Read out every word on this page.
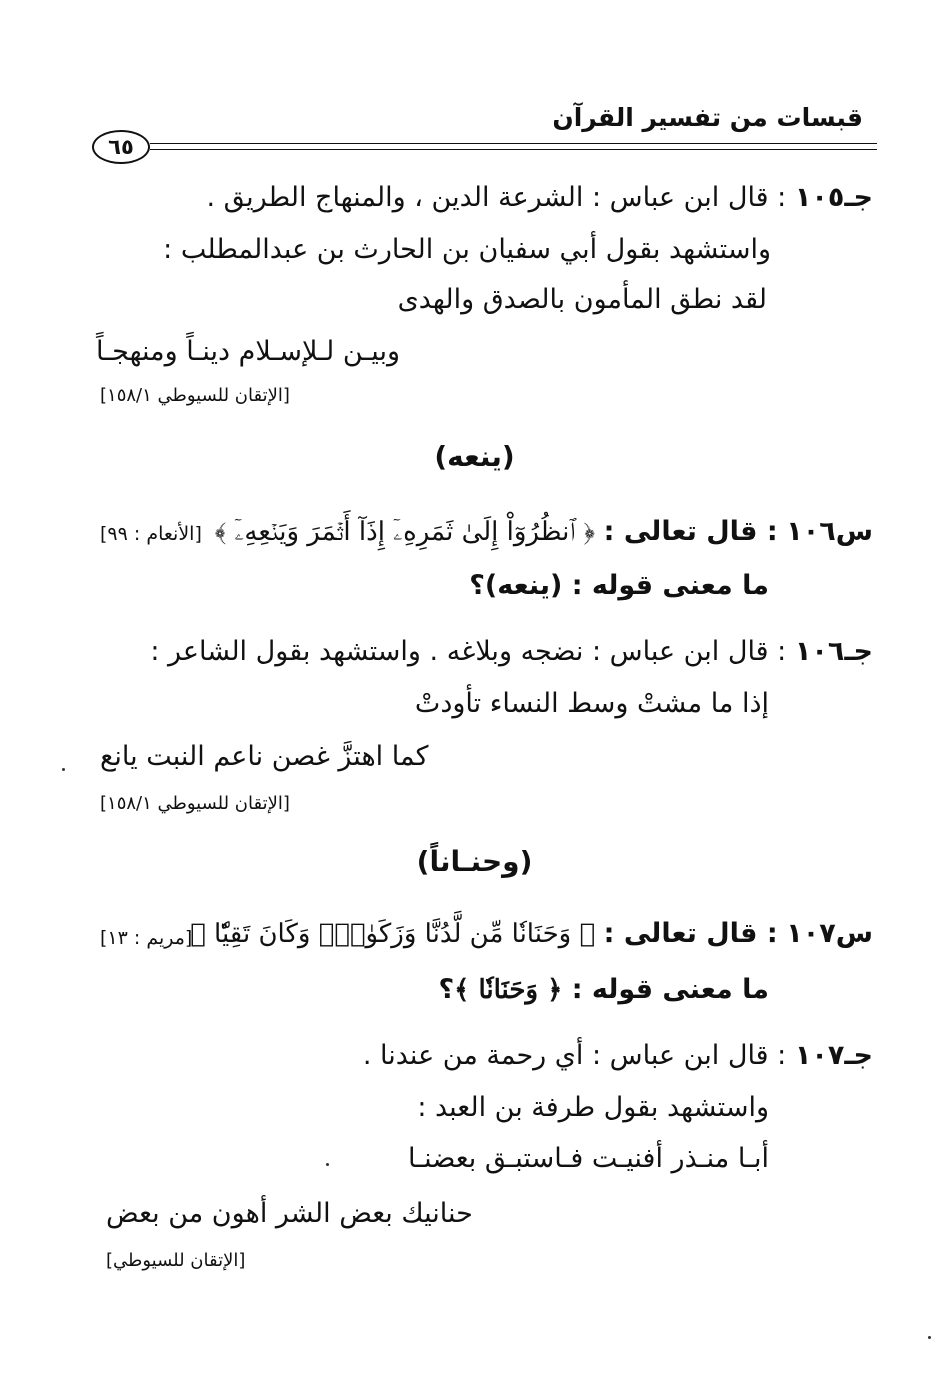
قبسات من تفسير القرآن
٦٥
جـ١٠٥ : قال ابن عباس : الشرعة الدين ، والمنهاج الطريق .
واستشهد بقول أبي سفيان بن الحارث بن عبدالمطلب :
لقد نطق المأمون بالصدق والهدى
وبيـن لـلإسـلام دينـاً ومنهجـاً
[الإتقان للسيوطي ١٥٨/١]
(ينعه)
س١٠٦ : قال تعالى : ﴿ ٱنظُرُوٓاْ إِلَىٰ ثَمَرِهِۦٓ إِذَآ أَثۡمَرَ وَيَنۡعِهِۦٓ ﴾
[الأنعام : ٩٩]
ما معنى قوله : (ينعه)؟
جـ١٠٦ : قال ابن عباس : نضجه وبلاغه . واستشهد بقول الشاعر :
إذا ما مشتْ وسط النساء تأودتْ
كما اهتزَّ غصن ناعم النبت يانع
[الإتقان للسيوطي ١٥٨/١]
(وحنـاناً)
س١٠٧ : قال تعالى : ﴿ وَحَنَانٗا مِّن لَّدُنَّا وَزَكَوٰةٗۖ وَكَانَ تَقِيّٗا ﴾
[مريم : ١٣]
ما معنى قوله : ﴿ وَحَنَانٗا ﴾؟
جـ١٠٧ : قال ابن عباس : أي رحمة من عندنا .
واستشهد بقول طرفة بن العبد :
أبـا منـذر أفنيـت فـاستبـق بعضنـا
حنانيك بعض الشر أهون من بعض
[الإتقان للسيوطي]
